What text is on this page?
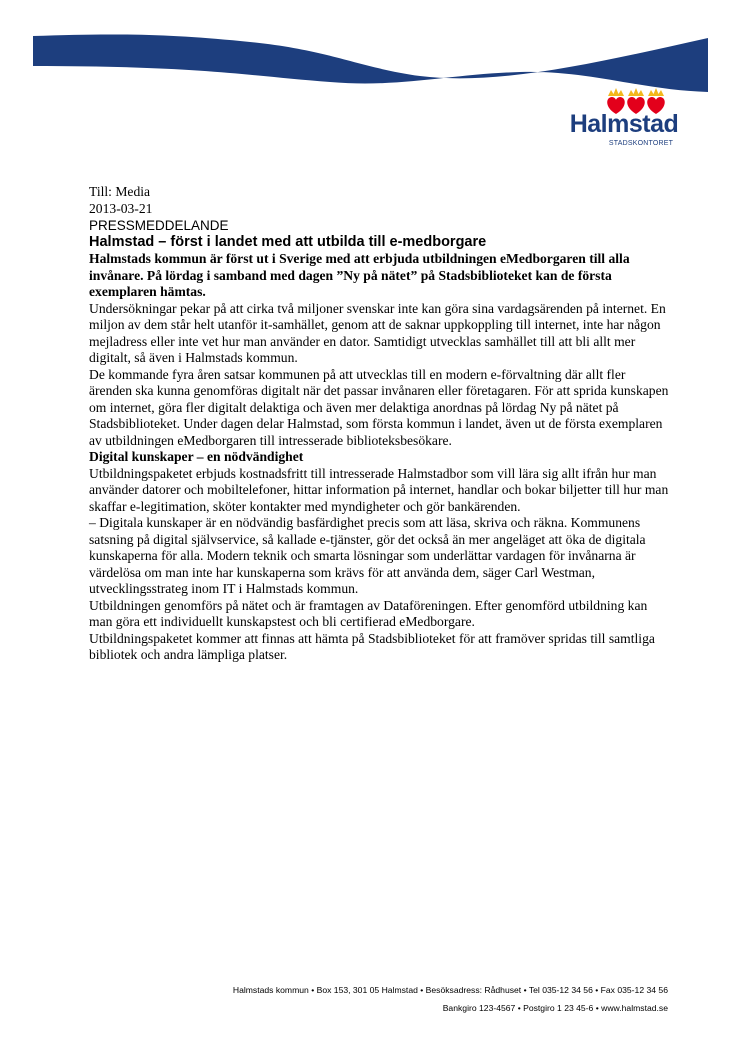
Halmstad
STADSKONTORET

Till: Media

2013-03-21

PRESSMEDDELANDE

Halmstad – först i landet med att utbilda till e-medborgare

Halmstads kommun är först ut i Sverige med att erbjuda utbildningen eMedborgaren till alla invånare. På lördag i samband med dagen ”Ny på nätet” på Stadsbiblioteket kan de första exemplaren hämtas.

Undersökningar pekar på att cirka två miljoner svenskar inte kan göra sina vardagsärenden på internet. En miljon av dem står helt utanför it-samhället, genom att de saknar uppkoppling till internet, inte har någon mejladress eller inte vet hur man använder en dator. Samtidigt utvecklas samhället till att bli allt mer digitalt, så även i Halmstads kommun.

De kommande fyra åren satsar kommunen på att utvecklas till en modern e-förvaltning där allt fler ärenden ska kunna genomföras digitalt när det passar invånaren eller företagaren. För att sprida kunskapen om internet, göra fler digitalt delaktiga och även mer delaktiga anordnas på lördag Ny på nätet på Stadsbiblioteket. Under dagen delar Halmstad, som första kommun i landet, även ut de första exemplaren av utbildningen eMedborgaren till intresserade biblioteksbesökare.

Digital kunskaper – en nödvändighet

Utbildningspaketet erbjuds kostnadsfritt till intresserade Halmstadbor som vill lära sig allt ifrån hur man använder datorer och mobiltelefoner, hittar information på internet, handlar och bokar biljetter till hur man skaffar e-legitimation, sköter kontakter med myndigheter och gör bankärenden.

– Digitala kunskaper är en nödvändig basfärdighet precis som att läsa, skriva och räkna. Kommunens satsning på digital självservice, så kallade e-tjänster, gör det också än mer angeläget att öka de digitala kunskaperna för alla. Modern teknik och smarta lösningar som underlättar vardagen för invånarna är värdelösa om man inte har kunskaperna som krävs för att använda dem, säger Carl Westman, utvecklingsstrateg inom IT i Halmstads kommun.

Utbildningen genomförs på nätet och är framtagen av Dataföreningen. Efter genomförd utbildning kan man göra ett individuellt kunskapstest och bli certifierad eMedborgare.

Utbildningspaketet kommer att finnas att hämta på Stadsbiblioteket för att framöver spridas till samtliga bibliotek och andra lämpliga platser.

Halmstads kommun • Box 153, 301 05 Halmstad • Besöksadress: Rådhuset • Tel 035-12 34 56 • Fax 035-12 34 56
Bankgiro 123-4567 • Postgiro 1 23 45-6 • www.halmstad.se
